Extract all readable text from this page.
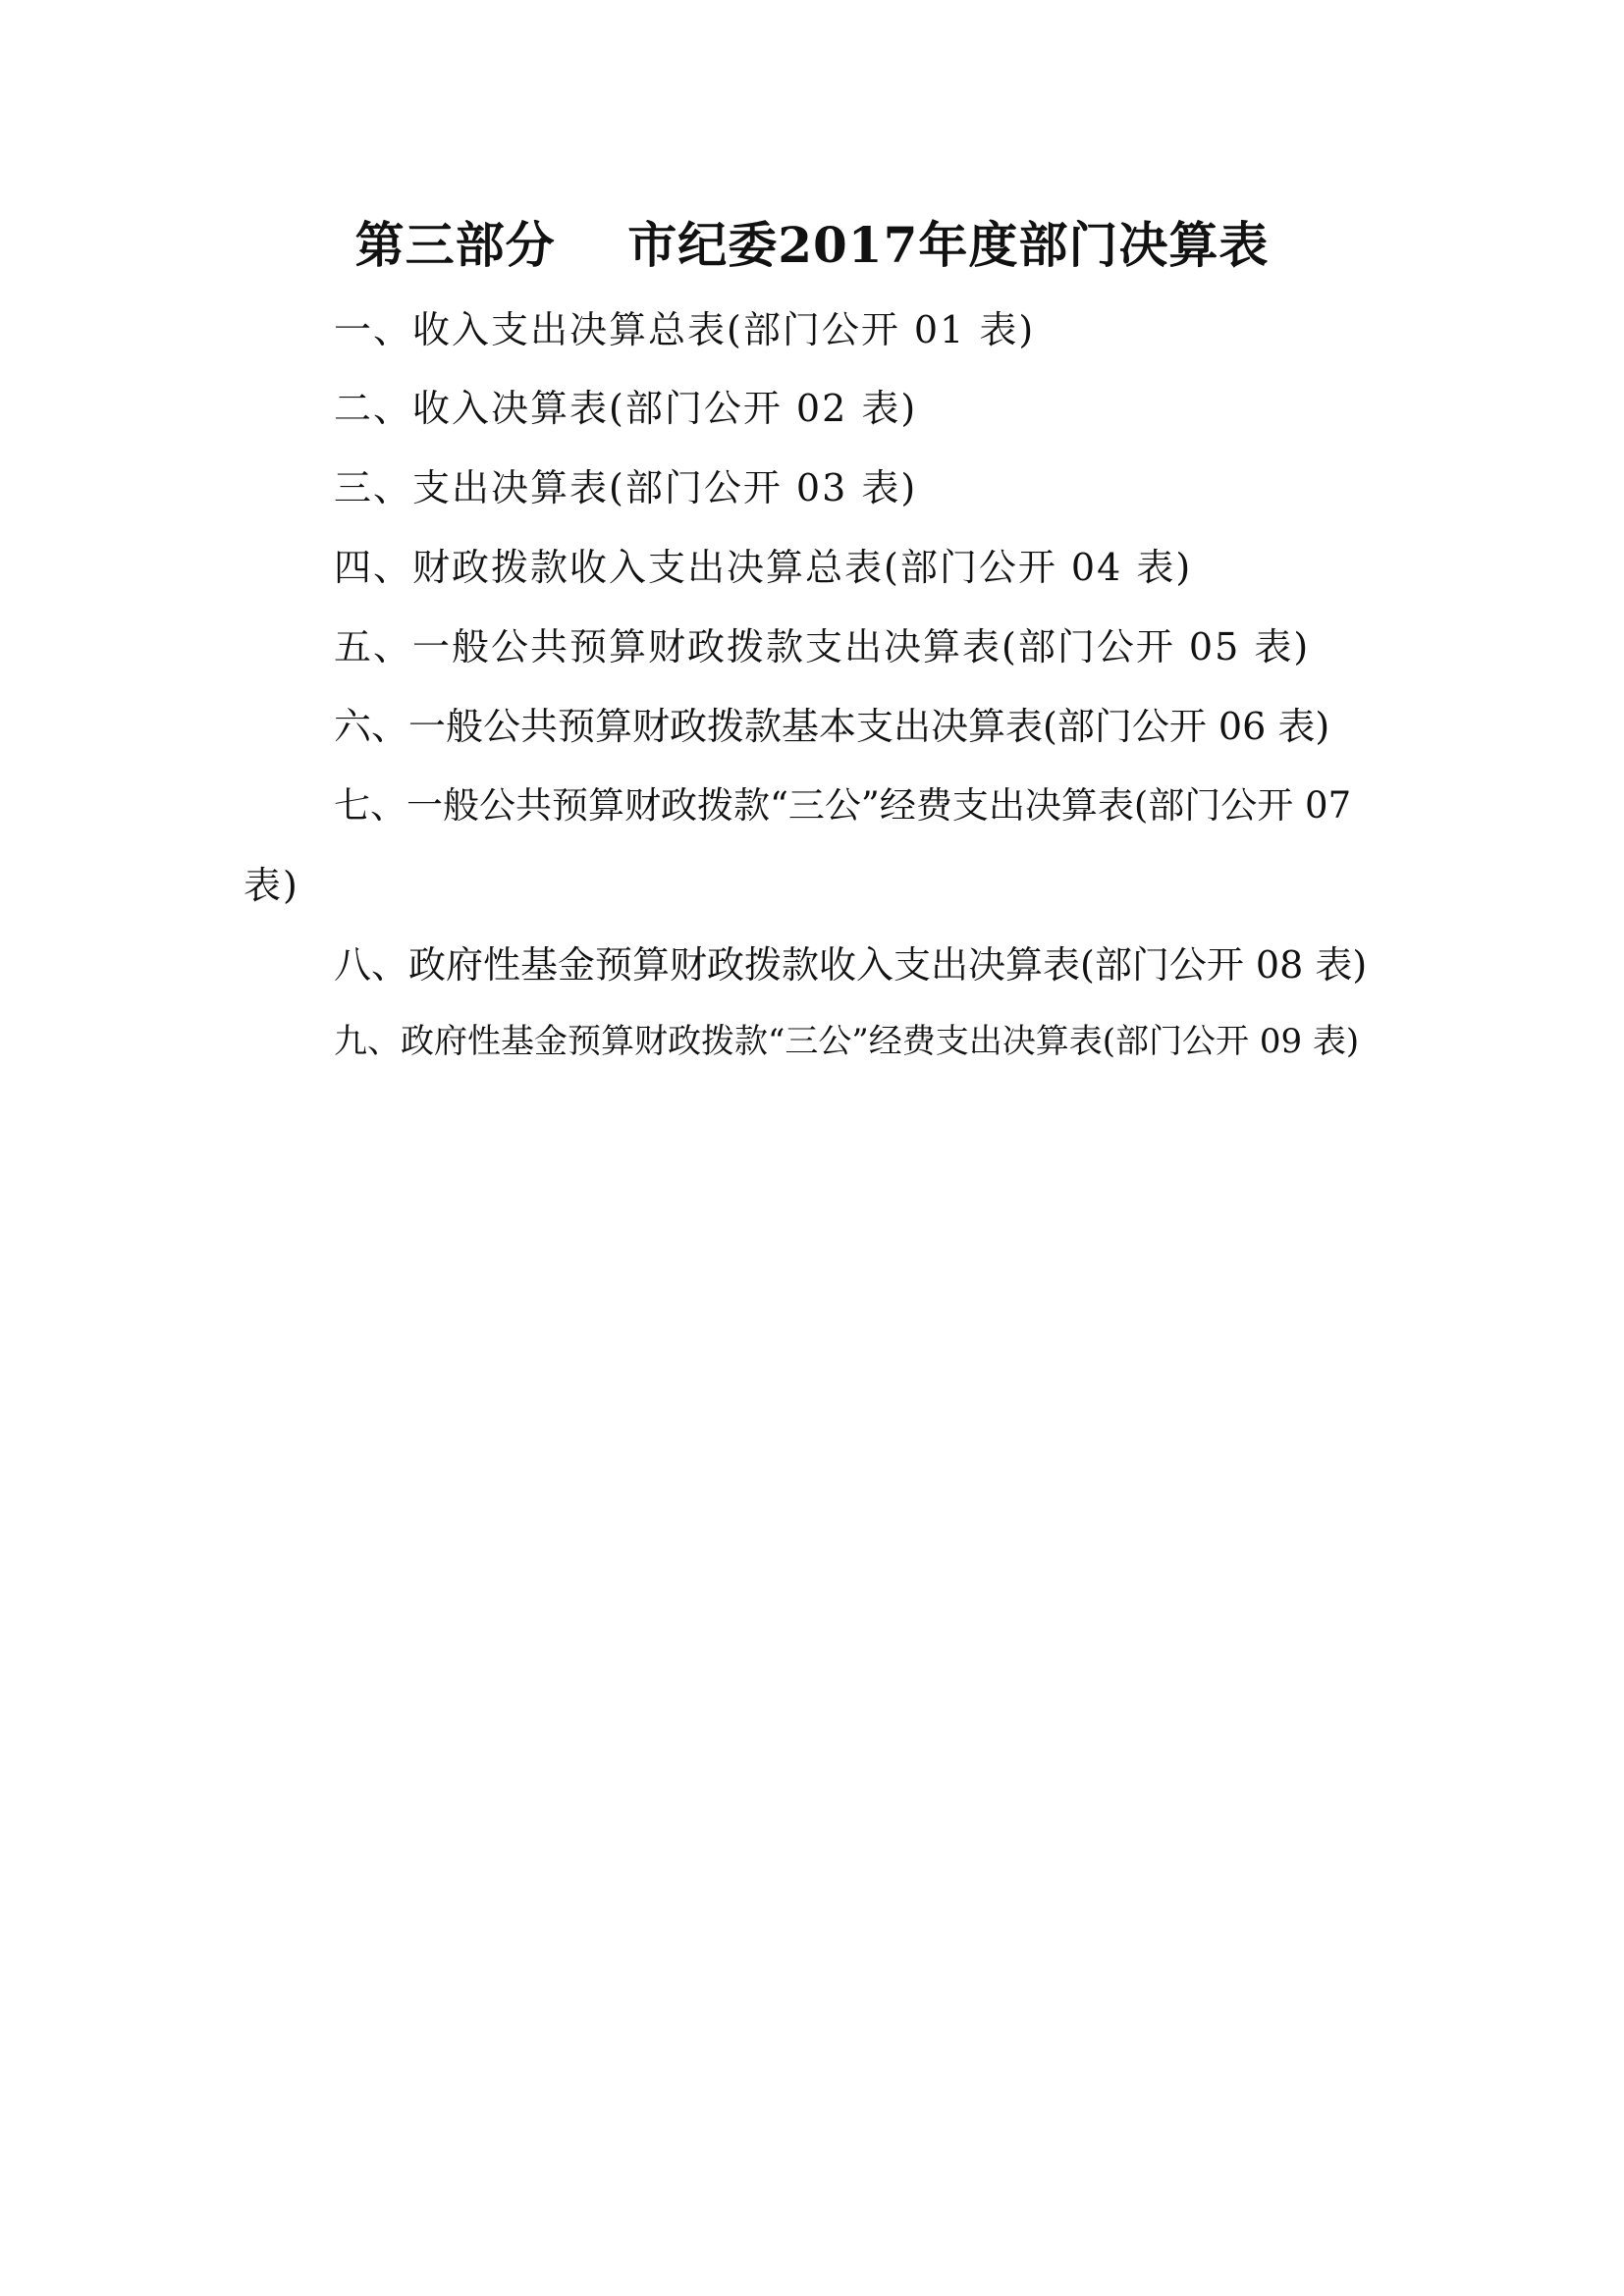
第三部分    市纪委2017年度部门决算表
一、收入支出决算总表(部门公开 01 表)
二、收入决算表(部门公开 02 表)
三、支出决算表(部门公开 03 表)
四、财政拨款收入支出决算总表(部门公开 04 表)
五、一般公共预算财政拨款支出决算表(部门公开 05 表)
六、一般公共预算财政拨款基本支出决算表(部门公开 06 表)
七、一般公共预算财政拨款“三公”经费支出决算表(部门公开 07
表)
八、政府性基金预算财政拨款收入支出决算表(部门公开 08 表)
九、政府性基金预算财政拨款“三公”经费支出决算表(部门公开 09 表)
